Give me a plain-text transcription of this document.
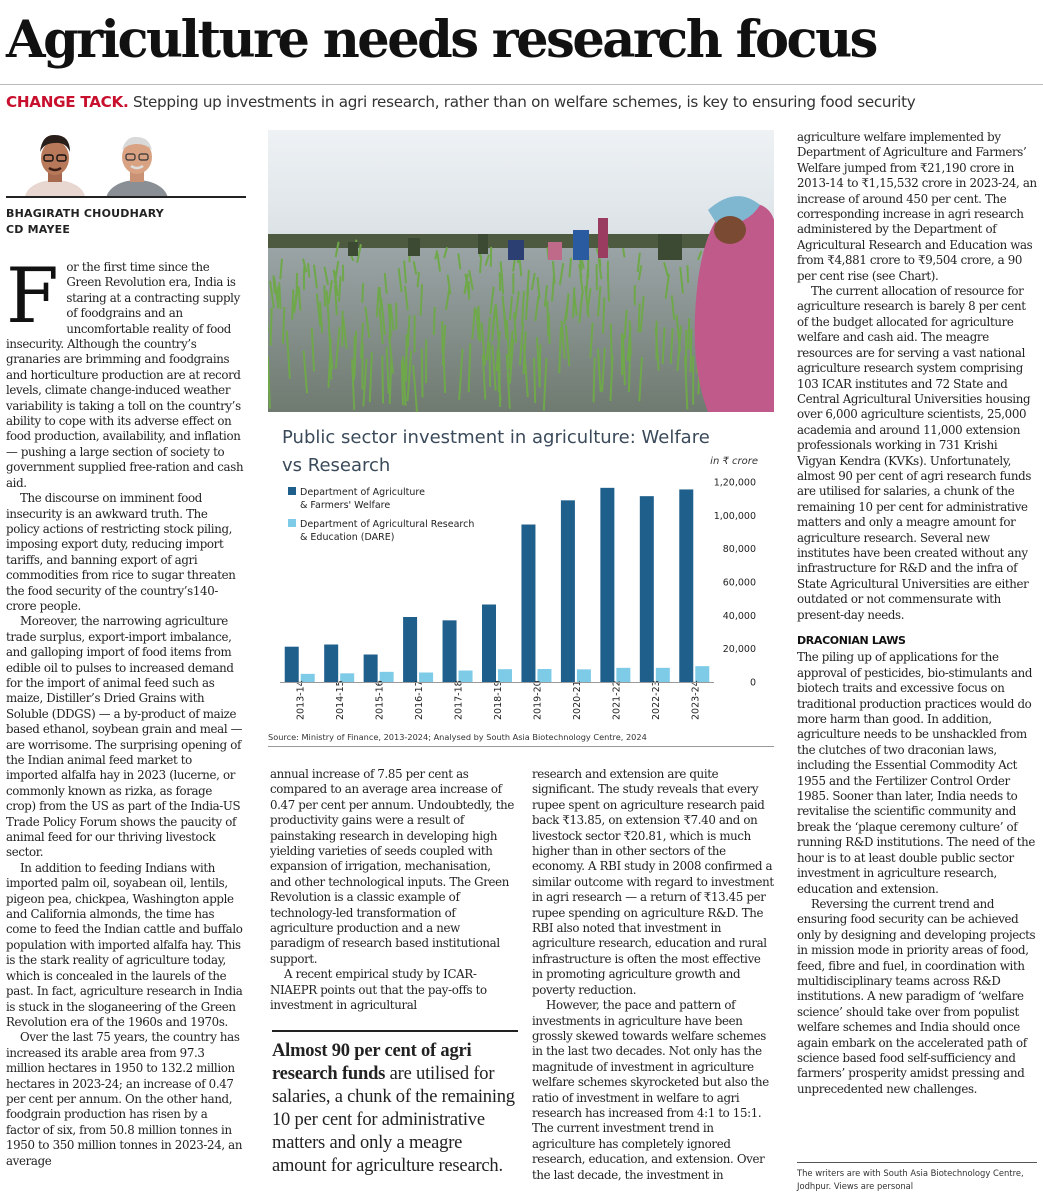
Agriculture needs research focus
CHANGE TACK. Stepping up investments in agri research, rather than on welfare schemes, is key to ensuring food security
BHAGIRATH CHOUDHARY
CD MAYEE

For the first time since the Green Revolution era, India is staring at a contracting supply of foodgrains and an uncomfortable reality of food insecurity. Although the country’s granaries are brimming and foodgrains and horticulture production are at record levels, climate change-induced weather variability is taking a toll on the country’s ability to cope with its adverse effect on food production, availability, and inflation — pushing a large section of society to government supplied free-ration and cash aid.

The discourse on imminent food insecurity is an awkward truth. The policy actions of restricting stock piling, imposing export duty, reducing import tariffs, and banning export of agri commodities from rice to sugar threaten the food security of the country’s140-crore people.

Moreover, the narrowing agriculture trade surplus, export-import imbalance, and galloping import of food items from edible oil to pulses to increased demand for the import of animal feed such as maize, Distiller’s Dried Grains with Soluble (DDGS) — a by-product of maize based ethanol, soybean grain and meal — are worrisome. The surprising opening of the Indian animal feed market to imported alfalfa hay in 2023 (lucerne, or commonly known as rizka, as forage crop) from the US as part of the India-US Trade Policy Forum shows the paucity of animal feed for our thriving livestock sector.

In addition to feeding Indians with imported palm oil, soyabean oil, lentils, pigeon pea, chickpea, Washington apple and California almonds, the time has come to feed the Indian cattle and buffalo population with imported alfalfa hay. This is the stark reality of agriculture today, which is concealed in the laurels of the past. In fact, agriculture research in India is stuck in the sloganeering of the Green Revolution era of the 1960s and 1970s.

Over the last 75 years, the country has increased its arable area from 97.3 million hectares in 1950 to 132.2 million hectares in 2023-24; an increase of 0.47 per cent per annum. On the other hand, foodgrain production has risen by a factor of six, from 50.8 million tonnes in 1950 to 350 million tonnes in 2023-24, an average

0
20,000
40,000
60,000
80,000
1,00,000
1,20,000
2013-14	2014-15	2015-16	2016-17	2017-18	2018-19	2019-20	2020-21	2021-22	2022-23	2023-24
Department of Agriculture
& Farmers' Welfare
Department of Agricultural Research
& Education (DARE)
Public sector investment in agriculture: Welfare vs Research	in ₹ crore
Source: Ministry of Finance, 2013-2024; Analysed by South Asia Biotechnology Centre, 2024

annual increase of 7.85 per cent as compared to an average area increase of 0.47 per cent per annum. Undoubtedly, the productivity gains were a result of painstaking research in developing high yielding varieties of seeds coupled with expansion of irrigation, mechanisation, and other technological inputs. The Green Revolution is a classic example of technology-led transformation of agriculture production and a new paradigm of research based institutional support.

A recent empirical study by ICAR-NIAEPR points out that the pay-offs to investment in agricultural

Almost 90 per cent of agri research funds are utilised for salaries, a chunk of the remaining 10 per cent for administrative matters and only a meagre amount for agriculture research.

research and extension are quite significant. The study reveals that every rupee spent on agriculture research paid back ₹13.85, on extension ₹7.40 and on livestock sector ₹20.81, which is much higher than in other sectors of the economy. A RBI study in 2008 confirmed a similar outcome with regard to investment in agri research — a return of ₹13.45 per rupee spending on agriculture R&D. The RBI also noted that investment in agriculture research, education and rural infrastructure is often the most effective in promoting agriculture growth and poverty reduction.

However, the pace and pattern of investments in agriculture have been grossly skewed towards welfare schemes in the last two decades. Not only has the magnitude of investment in agriculture welfare schemes skyrocketed but also the ratio of investment in welfare to agri research has increased from 4:1 to 15:1. The current investment trend in agriculture has completely ignored research, education, and extension. Over the last decade, the investment in

agriculture welfare implemented by Department of Agriculture and Farmers’ Welfare jumped from ₹21,190 crore in 2013-14 to ₹1,15,532 crore in 2023-24, an increase of around 450 per cent. The corresponding increase in agri research administered by the Department of Agricultural Research and Education was from ₹4,881 crore to ₹9,504 crore, a 90 per cent rise (see Chart).

The current allocation of resource for agriculture research is barely 8 per cent of the budget allocated for agriculture welfare and cash aid. The meagre resources are for serving a vast national agriculture research system comprising 103 ICAR institutes and 72 State and Central Agricultural Universities housing over 6,000 agriculture scientists, 25,000 academia and around 11,000 extension professionals working in 731 Krishi Vigyan Kendra (KVKs). Unfortunately, almost 90 per cent of agri research funds are utilised for salaries, a chunk of the remaining 10 per cent for administrative matters and only a meagre amount for agriculture research. Several new institutes have been created without any infrastructure for R&D and the infra of State Agricultural Universities are either outdated or not commensurate with present-day needs.

DRACONIAN LAWS

The piling up of applications for the approval of pesticides, bio-stimulants and biotech traits and excessive focus on traditional production practices would do more harm than good. In addition, agriculture needs to be unshackled from the clutches of two draconian laws, including the Essential Commodity Act 1955 and the Fertilizer Control Order 1985. Sooner than later, India needs to revitalise the scientific community and break the ‘plaque ceremony culture’ of running R&D institutions. The need of the hour is to at least double public sector investment in agriculture research, education and extension.

Reversing the current trend and ensuring food security can be achieved only by designing and developing projects in mission mode in priority areas of food, feed, fibre and fuel, in coordination with multidisciplinary teams across R&D institutions. A new paradigm of ‘welfare science’ should take over from populist welfare schemes and India should once again embark on the accelerated path of science based food self-sufficiency and farmers’ prosperity amidst pressing and unprecedented new challenges.

The writers are with South Asia Biotechnology Centre, Jodhpur. Views are personal
